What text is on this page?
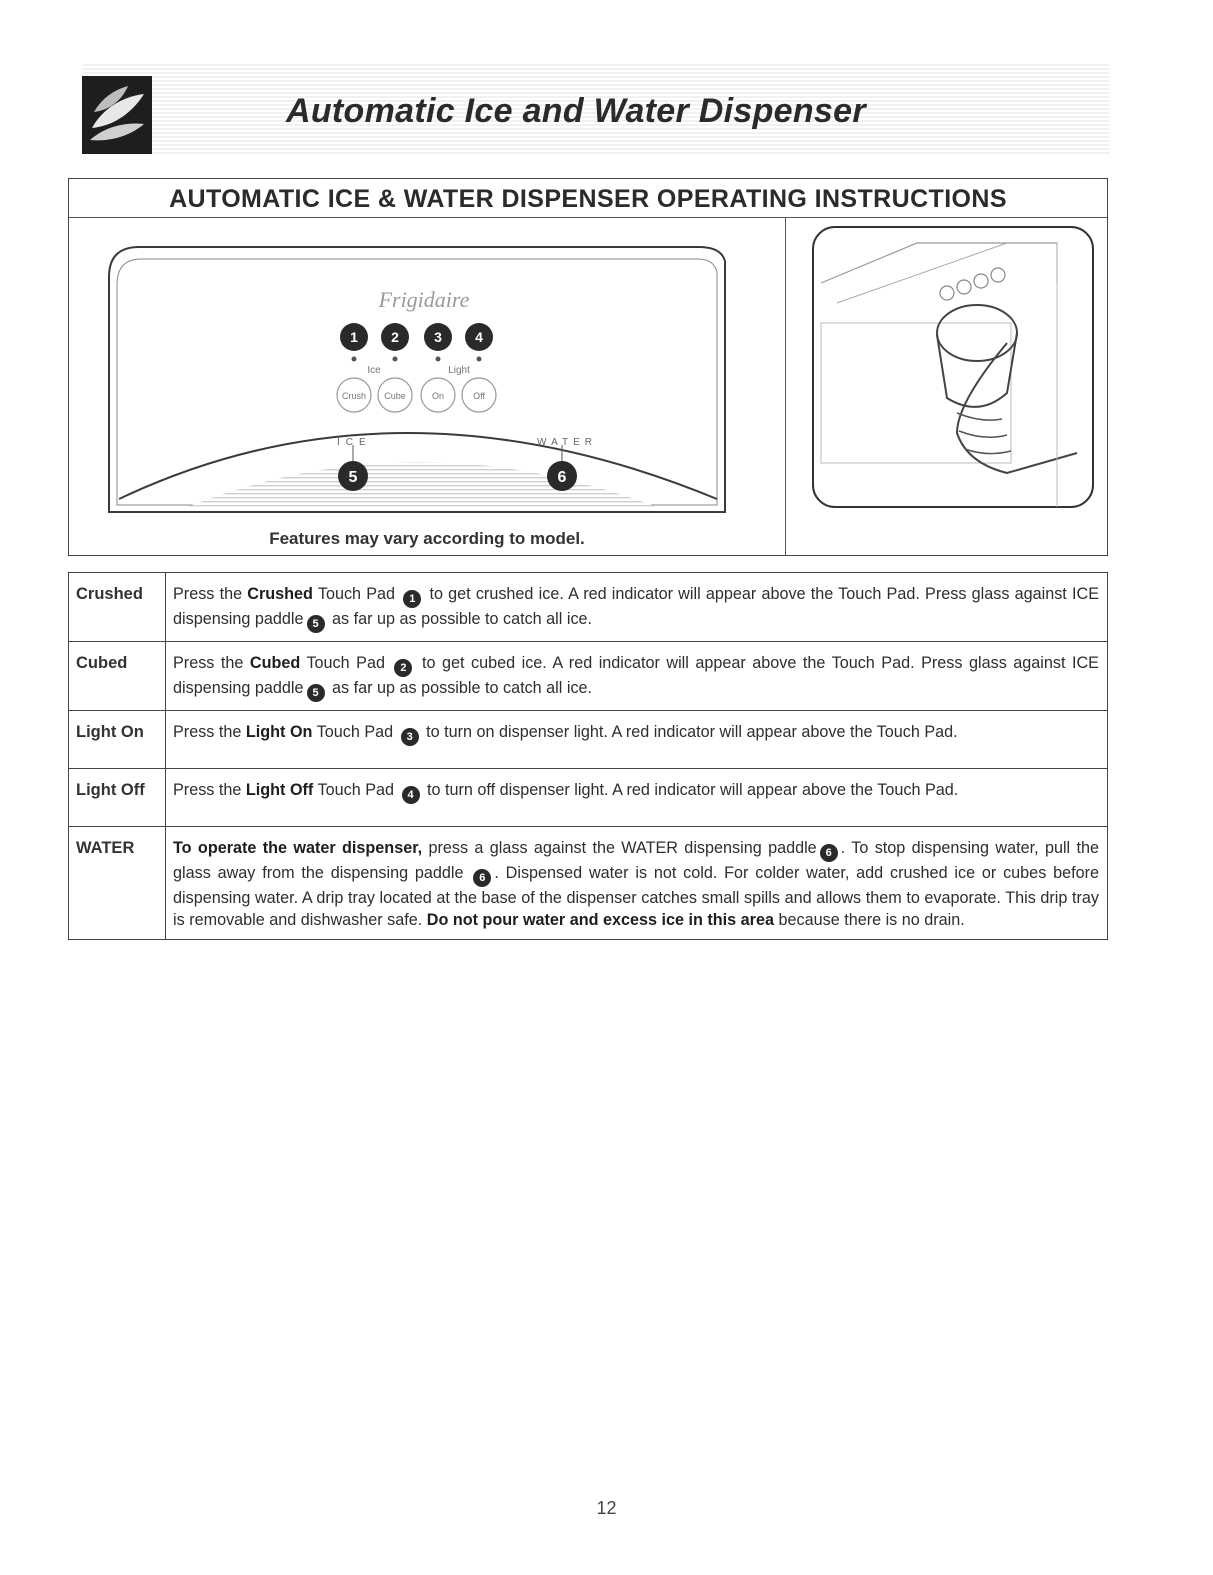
Automatic Ice and Water Dispenser
AUTOMATIC ICE & WATER DISPENSER OPERATING INSTRUCTIONS
Frigidaire
1 2	3 4
Ice	Light
Crush Cube	On	Off
ICE	WATER
5	6
Features may vary according to model.
Crushed	Press the Crushed Touch Pad 1 to get crushed ice. A red indicator will appear above the Touch Pad. Press glass against ICE dispensing paddle 5 as far up as possible to catch all ice.
Cubed	Press the Cubed Touch Pad 2 to get cubed ice. A red indicator will appear above the Touch Pad. Press glass against ICE dispensing paddle 5 as far up as possible to catch all ice.
Light On	Press the Light On Touch Pad 3 to turn on dispenser light. A red indicator will appear above the Touch Pad.
Light Off	Press the Light Off Touch Pad 4 to turn off dispenser light. A red indicator will appear above the Touch Pad.
WATER	To operate the water dispenser, press a glass against the WATER dispensing paddle 6 . To stop dispensing water, pull the glass away from the dispensing paddle 6 . Dispensed water is not cold. For colder water, add crushed ice or cubes before dispensing water. A drip tray located at the base of the dispenser catches small spills and allows them to evaporate. This drip tray is removable and dishwasher safe. Do not pour water and excess ice in this area because there is no drain.
12
